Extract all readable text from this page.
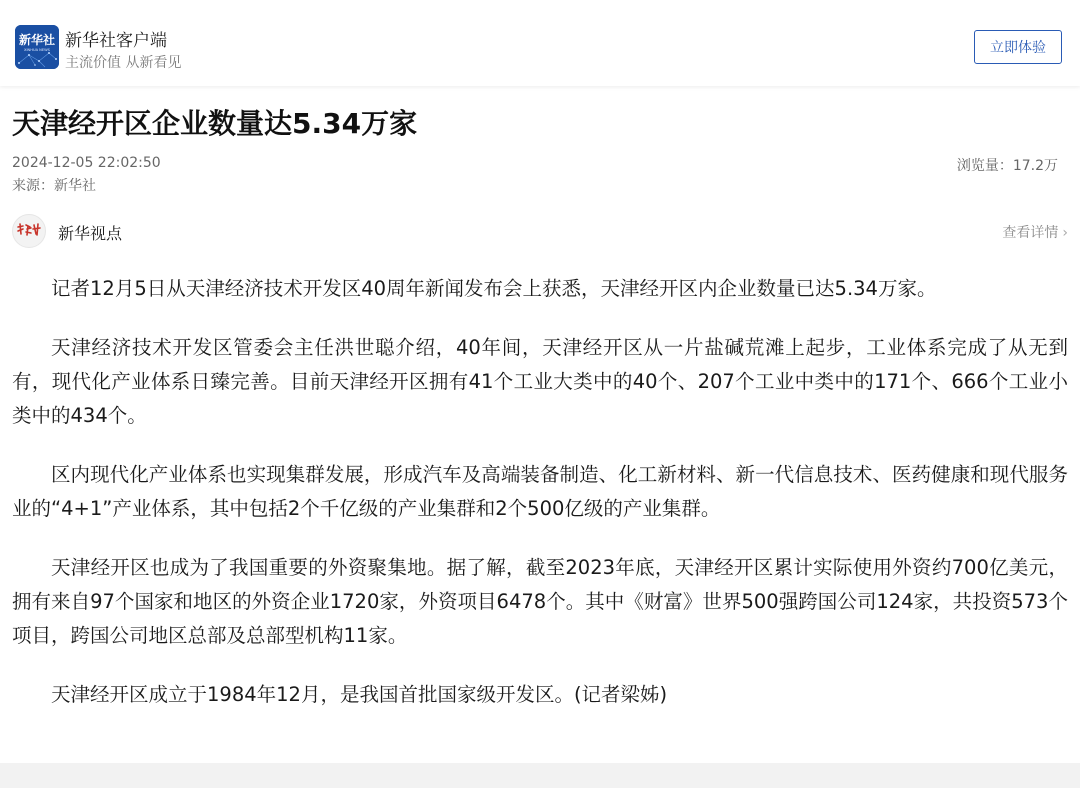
新华社
XINHUA NEWS 新华社客户端
主流价值 从新看见
立即体验
天津经开区企业数量达5.34万家
2024-12-05 22:02:50	浏览量：17.2万
来源：新华社
新华视点	查看详情 ›

记者12月5日从天津经济技术开发区40周年新闻发布会上获悉，天津经开区内企业数量已达5.34万家。

天津经济技术开发区管委会主任洪世聪介绍，40年间，天津经开区从一片盐碱荒滩上起步，工业体系完成了从无到有，现代化产业体系日臻完善。目前天津经开区拥有41个工业大类中的40个、207个工业中类中的171个、666个工业小类中的434个。

区内现代化产业体系也实现集群发展，形成汽车及高端装备制造、化工新材料、新一代信息技术、医药健康和现代服务业的“4+1”产业体系，其中包括2个千亿级的产业集群和2个500亿级的产业集群。

天津经开区也成为了我国重要的外资聚集地。据了解，截至2023年底，天津经开区累计实际使用外资约700亿美元，拥有来自97个国家和地区的外资企业1720家，外资项目6478个。其中《财富》世界500强跨国公司124家，共投资573个项目，跨国公司地区总部及总部型机构11家。

天津经开区成立于1984年12月，是我国首批国家级开发区。(记者梁姊)
